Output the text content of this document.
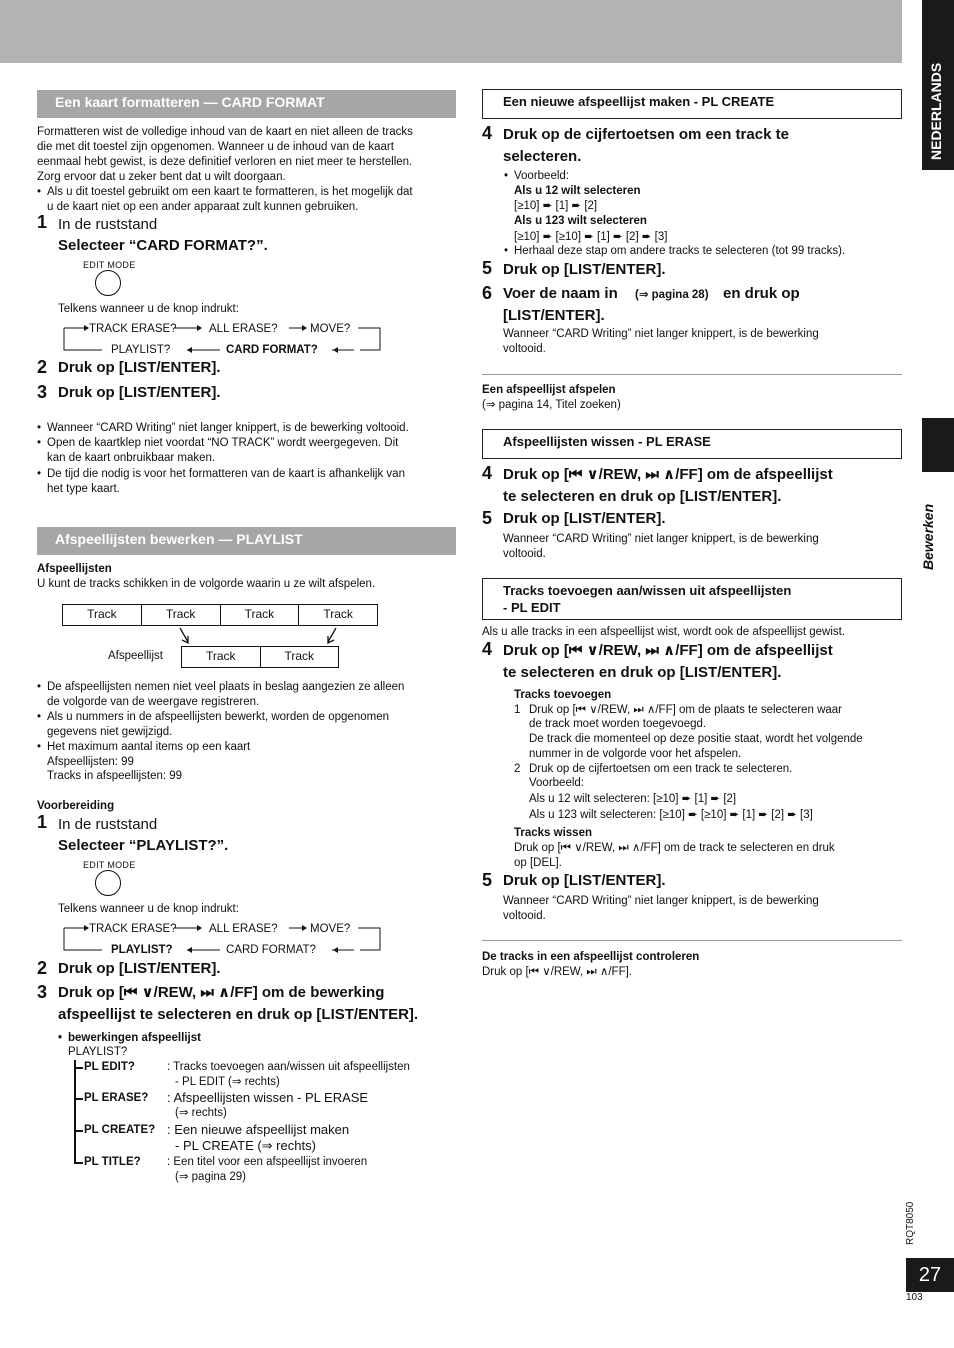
NEDERLANDS
Bewerken
RQT8050
27
103
Een kaart formatteren — CARD FORMAT
Formatteren wist de volledige inhoud van de kaart en niet alleen de tracks
die met dit toestel zijn opgenomen. Wanneer u de inhoud van de kaart
eenmaal hebt gewist, is deze definitief verloren en niet meer te herstellen.
Zorg ervoor dat u zeker bent dat u wilt doorgaan.
• Als u dit toestel gebruikt om een kaart te formatteren, is het mogelijk dat
u de kaart niet op een ander apparaat zult kunnen gebruiken.
1 In de ruststand
Selecteer “CARD FORMAT?”.
EDIT MODE
Telkens wanneer u de knop indrukt:
TRACK ERASE?	ALL ERASE?	MOVE?
PLAYLIST?	CARD FORMAT?
2 Druk op [LIST/ENTER].
3 Druk op [LIST/ENTER].
• Wanneer “CARD Writing” niet langer knippert, is de bewerking voltooid.
• Open de kaartklep niet voordat “NO TRACK” wordt weergegeven. Dit
kan de kaart onbruikbaar maken.
• De tijd die nodig is voor het formatteren van de kaart is afhankelijk van
het type kaart.
Afspeellijsten bewerken — PLAYLIST
Afspeellijsten
U kunt de tracks schikken in de volgorde waarin u ze wilt afspelen.
Track	Track	Track	Track
Afspeellijst	Track	Track
• De afspeellijsten nemen niet veel plaats in beslag aangezien ze alleen
de volgorde van de weergave registreren.
• Als u nummers in de afspeellijsten bewerkt, worden de opgenomen
gegevens niet gewijzigd.
• Het maximum aantal items op een kaart
Afspeellijsten: 99
Tracks in afspeellijsten: 99
Voorbereiding
1 In de ruststand
Selecteer “PLAYLIST?”.
EDIT MODE
Telkens wanneer u de knop indrukt:
TRACK ERASE?	ALL ERASE?	MOVE?
PLAYLIST?	CARD FORMAT?
2 Druk op [LIST/ENTER].
3 Druk op [⏮ ∨/REW, ⏭ ∧/FF] om de bewerking
afspeellijst te selecteren en druk op [LIST/ENTER].
• bewerkingen afspeellijst
PLAYLIST?
PL EDIT?	: Tracks toevoegen aan/wissen uit afspeellijsten
- PL EDIT (⇒ rechts)
PL ERASE? : Afspeellijsten wissen - PL ERASE
(⇒ rechts)
PL CREATE? : Een nieuwe afspeellijst maken
- PL CREATE (⇒ rechts)
PL TITLE? : Een titel voor een afspeellijst invoeren
(⇒ pagina 29)
Een nieuwe afspeellijst maken - PL CREATE
4 Druk op de cijfertoetsen om een track te
selecteren.
• Voorbeeld:
Als u 12 wilt selecteren
[≥10] ➨ [1] ➨ [2]
Als u 123 wilt selecteren
[≥10] ➨ [≥10] ➨ [1] ➨ [2] ➨ [3]
• Herhaal deze stap om andere tracks te selecteren (tot 99 tracks).
5 Druk op [LIST/ENTER].
6 Voer de naam in (⇒ pagina 28) en druk op
[LIST/ENTER].
Wanneer “CARD Writing” niet langer knippert, is de bewerking
voltooid.
Een afspeellijst afspelen
(⇒ pagina 14, Titel zoeken)
Afspeellijsten wissen - PL ERASE
4 Druk op [⏮ ∨/REW, ⏭ ∧/FF] om de afspeellijst
te selecteren en druk op [LIST/ENTER].
5 Druk op [LIST/ENTER].
Wanneer “CARD Writing” niet langer knippert, is de bewerking
voltooid.
Tracks toevoegen aan/wissen uit afspeellijsten
- PL EDIT
Als u alle tracks in een afspeellijst wist, wordt ook de afspeellijst gewist.
4 Druk op [⏮ ∨/REW, ⏭ ∧/FF] om de afspeellijst
te selecteren en druk op [LIST/ENTER].
Tracks toevoegen
1 Druk op [⏮ ∨/REW, ⏭ ∧/FF] om de plaats te selecteren waar
de track moet worden toegevoegd.
De track die momenteel op deze positie staat, wordt het volgende
nummer in de volgorde voor het afspelen.
2 Druk op de cijfertoetsen om een track te selecteren.
Voorbeeld:
Als u 12 wilt selecteren: [≥10] ➨ [1] ➨ [2]
Als u 123 wilt selecteren: [≥10] ➨ [≥10] ➨ [1] ➨ [2] ➨ [3]
Tracks wissen
Druk op [⏮ ∨/REW, ⏭ ∧/FF] om de track te selecteren en druk
op [DEL].
5 Druk op [LIST/ENTER].
Wanneer “CARD Writing” niet langer knippert, is de bewerking
voltooid.
De tracks in een afspeellijst controleren
Druk op [⏮ ∨/REW, ⏭ ∧/FF].
